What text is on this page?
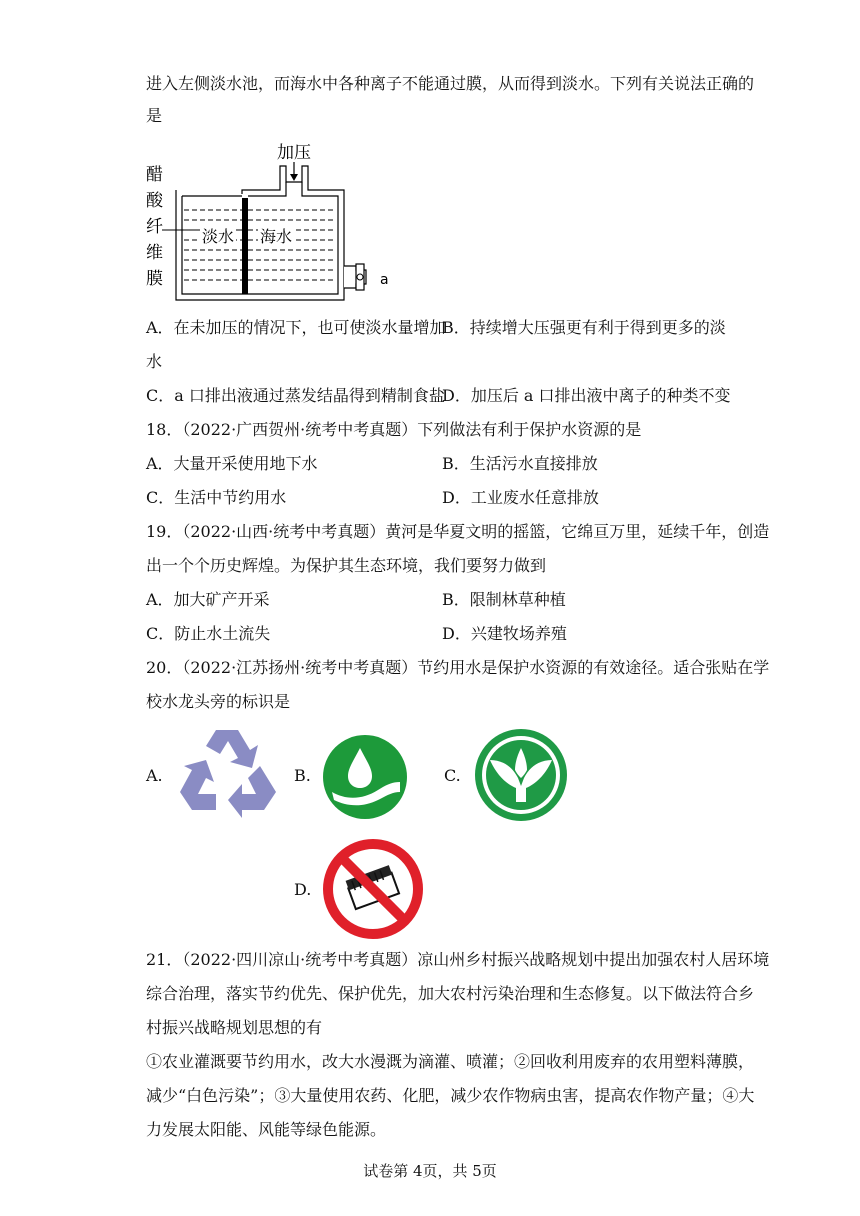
进入左侧淡水池，而海水中各种离子不能通过膜，从而得到淡水。下列有关说法正确的
是
醋
酸
纤
维
膜
加压
淡水 海水
a
A．在未加压的情况下，也可使淡水量增加
B．持续增大压强更有利于得到更多的淡
水
C．a 口排出液通过蒸发结晶得到精制食盐
D．加压后 a 口排出液中离子的种类不变
18．（2022·广西贺州·统考中考真题）下列做法有利于保护水资源的是
A．大量开采使用地下水	B．生活污水直接排放
C．生活中节约用水	D．工业废水任意排放
19．（2022·山西·统考中考真题）黄河是华夏文明的摇篮，它绵亘万里，延续千年，创造
出一个个历史辉煌。为保护其生态环境，我们要努力做到
A．加大矿产开采	B．限制林草种植
C．防止水土流失	D．兴建牧场养殖
20．（2022·江苏扬州·统考中考真题）节约用水是保护水资源的有效途径。适合张贴在学
校水龙头旁的标识是
A.	B.	C.
D.
21．（2022·四川凉山·统考中考真题）凉山州乡村振兴战略规划中提出加强农村人居环境
综合治理，落实节约优先、保护优先，加大农村污染治理和生态修复。以下做法符合乡
村振兴战略规划思想的有
①农业灌溉要节约用水，改大水漫溉为滴灌、喷灌；②回收利用废弃的农用塑料薄膜，
减少“白色污染”；③大量使用农药、化肥，减少农作物病虫害，提高农作物产量；④大
力发展太阳能、风能等绿色能源。
试卷第 4页，共 5页
